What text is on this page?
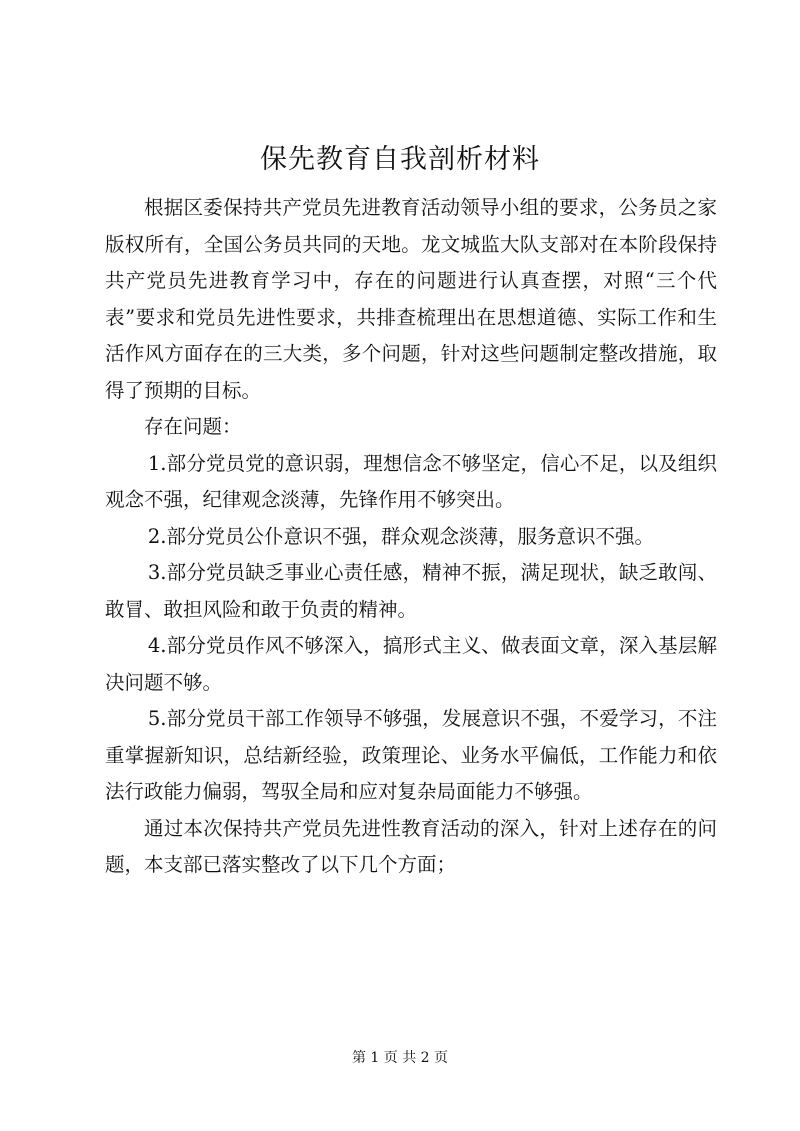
保先教育自我剖析材料

根据区委保持共产党员先进教育活动领导小组的要求，公务员之家版权所有，全国公务员共同的天地。龙文城监大队支部对在本阶段保持共产党员先进教育学习中，存在的问题进行认真查摆，对照“三个代表”要求和党员先进性要求，共排查梳理出在思想道德、实际工作和生活作风方面存在的三大类，多个问题，针对这些问题制定整改措施，取得了预期的目标。

存在问题：

1.部分党员党的意识弱，理想信念不够坚定，信心不足，以及组织观念不强，纪律观念淡薄，先锋作用不够突出。

2.部分党员公仆意识不强，群众观念淡薄，服务意识不强。

3.部分党员缺乏事业心责任感，精神不振，满足现状，缺乏敢闯、敢冒、敢担风险和敢于负责的精神。

4.部分党员作风不够深入，搞形式主义、做表面文章，深入基层解决问题不够。

5.部分党员干部工作领导不够强，发展意识不强，不爱学习，不注重掌握新知识，总结新经验，政策理论、业务水平偏低，工作能力和依法行政能力偏弱，驾驭全局和应对复杂局面能力不够强。

通过本次保持共产党员先进性教育活动的深入，针对上述存在的问题，本支部已落实整改了以下几个方面；

第 1 页 共 2 页
